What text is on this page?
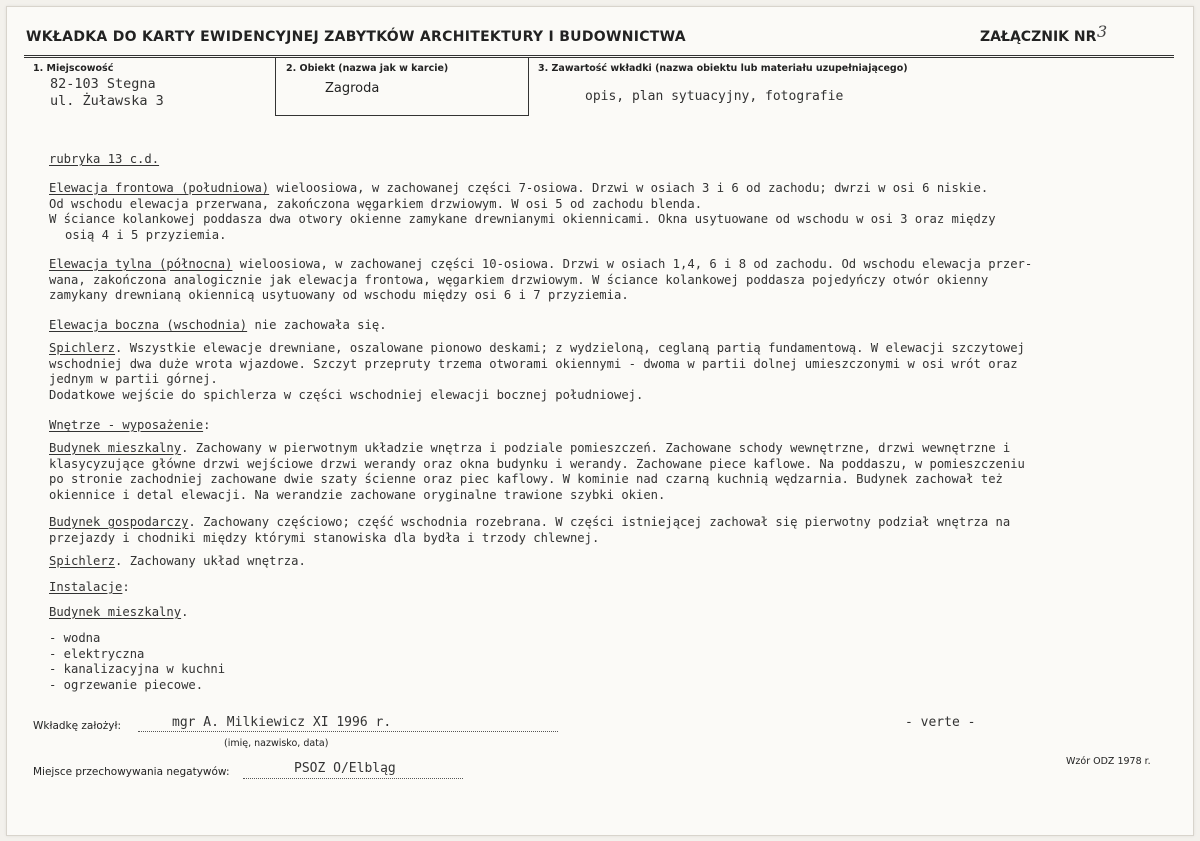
WKŁADKA DO KARTY EWIDENCYJNEJ ZABYTKÓW ARCHITEKTURY I BUDOWNICTWA	ZAŁĄCZNIK NR 3
1. Miejscowość
82-103 Stegna
ul. Żuławska 3
2. Obiekt (nazwa jak w karcie)
Zagroda
3. Zawartość wkładki (nazwa obiektu lub materiału uzupełniającego)
opis, plan sytuacyjny, fotografie
rubryka 13 c.d.
Elewacja frontowa (południowa) wieloosiowa, w zachowanej części 7-osiowa. Drzwi w osiach 3 i 6 od zachodu; dwrzi w osi 6 niskie.
Od wschodu elewacja przerwana, zakończona węgarkiem drzwiowym. W osi 5 od zachodu blenda.
W ściance kolankowej poddasza dwa otwory okienne zamykane drewnianymi okiennicami. Okna usytuowane od wschodu w osi 3 oraz między
osią 4 i 5 przyziemia.
Elewacja tylna (północna) wieloosiowa, w zachowanej części 10-osiowa. Drzwi w osiach 1,4, 6 i 8 od zachodu. Od wschodu elewacja przer-
wana, zakończona analogicznie jak elewacja frontowa, węgarkiem drzwiowym. W ściance kolankowej poddasza pojedyńczy otwór okienny
zamykany drewnianą okiennicą usytuowany od wschodu między osi 6 i 7 przyziemia.
Elewacja boczna (wschodnia) nie zachowała się.
Spichlerz. Wszystkie elewacje drewniane, oszalowane pionowo deskami; z wydzieloną, ceglaną partią fundamentową. W elewacji szczytowej
wschodniej dwa duże wrota wjazdowe. Szczyt przepruty trzema otworami okiennymi - dwoma w partii dolnej umieszczonymi w osi wrót oraz
jednym w partii górnej.
Dodatkowe wejście do spichlerza w części wschodniej elewacji bocznej południowej.
Wnętrze - wyposażenie:
Budynek mieszkalny. Zachowany w pierwotnym układzie wnętrza i podziale pomieszczeń. Zachowane schody wewnętrzne, drzwi wewnętrzne i
klasycyzujące główne drzwi wejściowe drzwi werandy oraz okna budynku i werandy. Zachowane piece kaflowe. Na poddaszu, w pomieszczeniu
po stronie zachodniej zachowane dwie szaty ścienne oraz piec kaflowy. W kominie nad czarną kuchnią wędzarnia. Budynek zachował też
okiennice i detal elewacji. Na werandzie zachowane oryginalne trawione szybki okien.
Budynek gospodarczy. Zachowany częściowo; część wschodnia rozebrana. W części istniejącej zachował się pierwotny podział wnętrza na
przejazdy i chodniki między którymi stanowiska dla bydła i trzody chlewnej.
Spichlerz. Zachowany układ wnętrza.
Instalacje:
Budynek mieszkalny.
- wodna
- elektryczna
- kanalizacyjna w kuchni
- ogrzewanie piecowe.
Wkładkę założył:	mgr A. Milkiewicz XI 1996 r.
(imię, nazwisko, data)
- verte -
Miejsce przechowywania negatywów:	PSOZ O/Elbląg	Wzór ODZ 1978 r.
